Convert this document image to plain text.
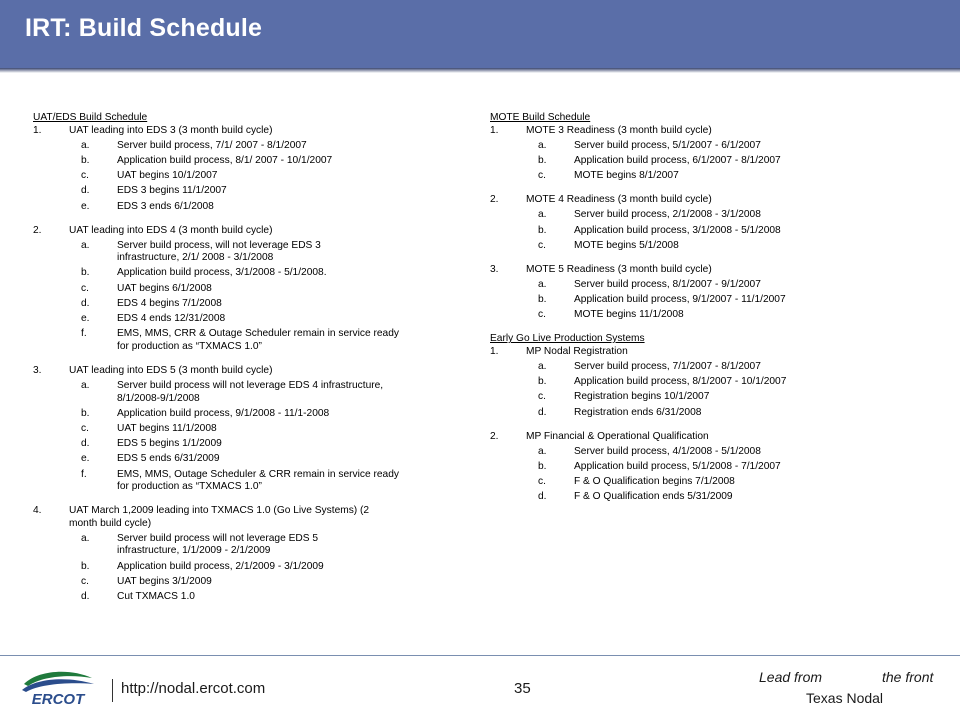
IRT: Build Schedule
UAT/EDS Build Schedule
1.	UAT leading into EDS 3 (3 month build cycle)
a.	Server build process, 7/1/ 2007 - 8/1/2007
b.	Application build process, 8/1/ 2007 - 10/1/2007
c.	UAT begins 10/1/2007
d.	EDS 3 begins 11/1/2007
e.	EDS 3 ends 6/1/2008
2.	UAT leading into EDS 4 (3 month build cycle)
a.	Server build process, will not leverage EDS 3
infrastructure, 2/1/ 2008 - 3/1/2008
b.	Application build process, 3/1/2008 - 5/1/2008.
c.	UAT begins 6/1/2008
d.	EDS 4 begins 7/1/2008
e.	EDS 4 ends 12/31/2008
f.	EMS, MMS, CRR & Outage Scheduler remain in service ready
for production as “TXMACS 1.0”
3.	UAT leading into EDS 5 (3 month build cycle)
a.	Server build process will not leverage EDS 4 infrastructure,
8/1/2008-9/1/2008
b.	Application build process, 9/1/2008 - 11/1-2008
c.	UAT begins 11/1/2008
d.	EDS 5 begins 1/1/2009
e.	EDS 5 ends 6/31/2009
f.	EMS, MMS, Outage Scheduler & CRR remain in service ready
for production as “TXMACS 1.0”
4.	UAT March 1,2009 leading into TXMACS 1.0 (Go Live Systems) (2
month build cycle)
a.	Server build process will not leverage EDS 5
infrastructure, 1/1/2009 - 2/1/2009
b.	Application build process, 2/1/2009 - 3/1/2009
c.	UAT begins 3/1/2009
d.	Cut TXMACS 1.0
MOTE Build Schedule
1.	MOTE 3 Readiness (3 month build cycle)
a.	Server build process, 5/1/2007 - 6/1/2007
b.	Application build process, 6/1/2007 - 8/1/2007
c.	MOTE begins 8/1/2007
2.	MOTE 4 Readiness (3 month build cycle)
a.	Server build process, 2/1/2008 - 3/1/2008
b.	Application build process, 3/1/2008 - 5/1/2008
c.	MOTE begins 5/1/2008
3.	MOTE 5 Readiness (3 month build cycle)
a.	Server build process, 8/1/2007 - 9/1/2007
b.	Application build process, 9/1/2007 - 11/1/2007
c.	MOTE begins 11/1/2008
Early Go Live Production Systems
1.	MP Nodal Registration
a.	Server build process, 7/1/2007 - 8/1/2007
b.	Application build process, 8/1/2007 - 10/1/2007
c.	Registration begins 10/1/2007
d.	Registration ends 6/31/2008
2.	MP Financial & Operational Qualification
a.	Server build process, 4/1/2008 - 5/1/2008
b.	Application build process, 5/1/2008 - 7/1/2007
c.	F & O Qualification begins 7/1/2008
d.	F & O Qualification ends 5/31/2009
ERCOT
http://nodal.ercot.com	35
Lead from	the front
Texas Nodal
